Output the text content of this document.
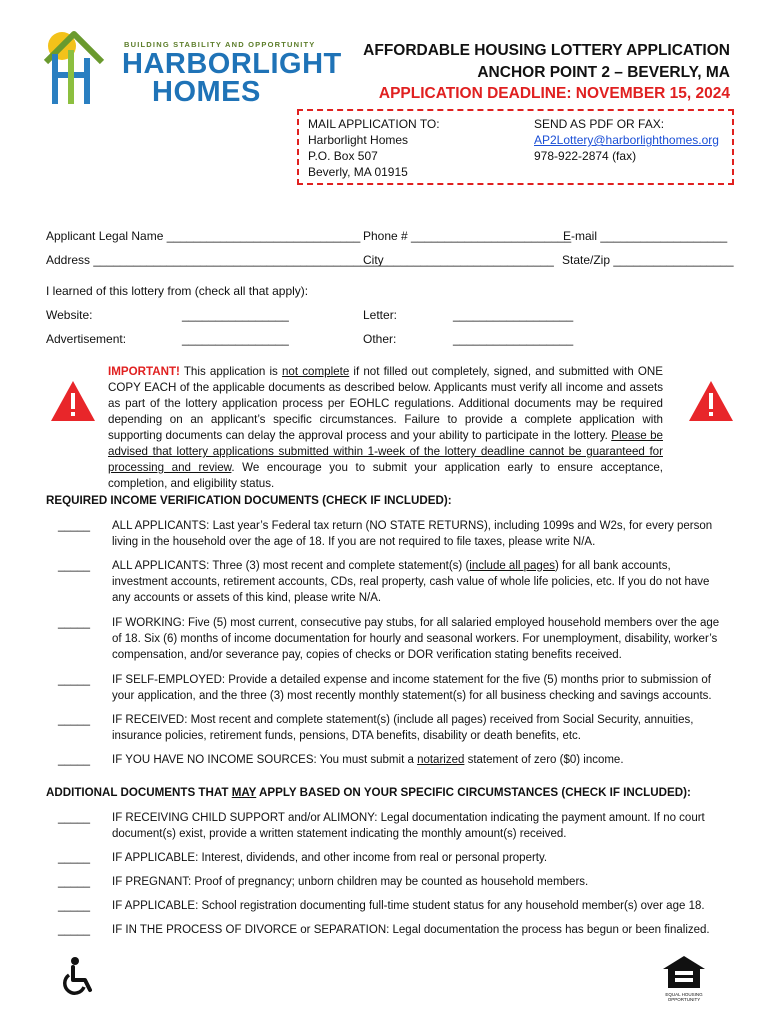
BUILDING STABILITY AND OPPORTUNITY
HARBORLIGHT
HOMES
AFFORDABLE HOUSING LOTTERY APPLICATION
ANCHOR POINT 2 – BEVERLY, MA
APPLICATION DEADLINE: NOVEMBER 15, 2024
MAIL APPLICATION TO:
Harborlight Homes
P.O. Box 507
Beverly, MA 01915
SEND AS PDF OR FAX:
AP2Lottery@harborlighthomes.org
978-922-2874 (fax)
Applicant Legal Name _____________________________ Phone # ________________________
E-mail ___________________
Address ____________________________________________
City _________________________ State/Zip __________________
I learned of this lottery from (check all that apply):
Website:	________________	Letter:	__________________
Advertisement:	________________	Other:	__________________
IMPORTANT! This application is not complete if not filled out completely, signed, and submitted with ONE COPY EACH of the applicable documents as described below. Applicants must verify all income and assets as part of the lottery application process per EOHLC regulations. Additional documents may be required depending on an applicant’s specific circumstances. Failure to provide a complete application with supporting documents can delay the approval process and your ability to participate in the lottery. Please be advised that lottery applications submitted within 1-week of the lottery deadline cannot be guaranteed for processing and review. We encourage you to submit your application early to ensure acceptance, completion, and eligibility status.
REQUIRED INCOME VERIFICATION DOCUMENTS (CHECK IF INCLUDED):
_____ ALL APPLICANTS: Last year’s Federal tax return (NO STATE RETURNS), including 1099s and W2s, for every person living in the household over the age of 18. If you are not required to file taxes, please write N/A.
_____ ALL APPLICANTS: Three (3) most recent and complete statement(s) (include all pages) for all bank accounts, investment accounts, retirement accounts, CDs, real property, cash value of whole life policies, etc. If you do not have any accounts or assets of this kind, please write N/A.
_____ IF WORKING: Five (5) most current, consecutive pay stubs, for all salaried employed household members over the age of 18. Six (6) months of income documentation for hourly and seasonal workers. For unemployment, disability, worker’s compensation, and/or severance pay, copies of checks or DOR verification stating benefits received.
_____ IF SELF-EMPLOYED: Provide a detailed expense and income statement for the five (5) months prior to submission of your application, and the three (3) most recently monthly statement(s) for all business checking and savings accounts.
_____ IF RECEIVED: Most recent and complete statement(s) (include all pages) received from Social Security, annuities, insurance policies, retirement funds, pensions, DTA benefits, disability or death benefits, etc.
_____ IF YOU HAVE NO INCOME SOURCES: You must submit a notarized statement of zero ($0) income.
ADDITIONAL DOCUMENTS THAT MAY APPLY BASED ON YOUR SPECIFIC CIRCUMSTANCES (CHECK IF INCLUDED):
_____ IF RECEIVING CHILD SUPPORT and/or ALIMONY: Legal documentation indicating the payment amount. If no court document(s) exist, provide a written statement indicating the monthly amount(s) received.
_____ IF APPLICABLE: Interest, dividends, and other income from real or personal property.
_____ IF PREGNANT: Proof of pregnancy; unborn children may be counted as household members.
_____ IF APPLICABLE: School registration documenting full-time student status for any household member(s) over age 18.
_____ IF IN THE PROCESS OF DIVORCE or SEPARATION: Legal documentation the process has begun or been finalized.
EQUAL HOUSING
OPPORTUNITY
